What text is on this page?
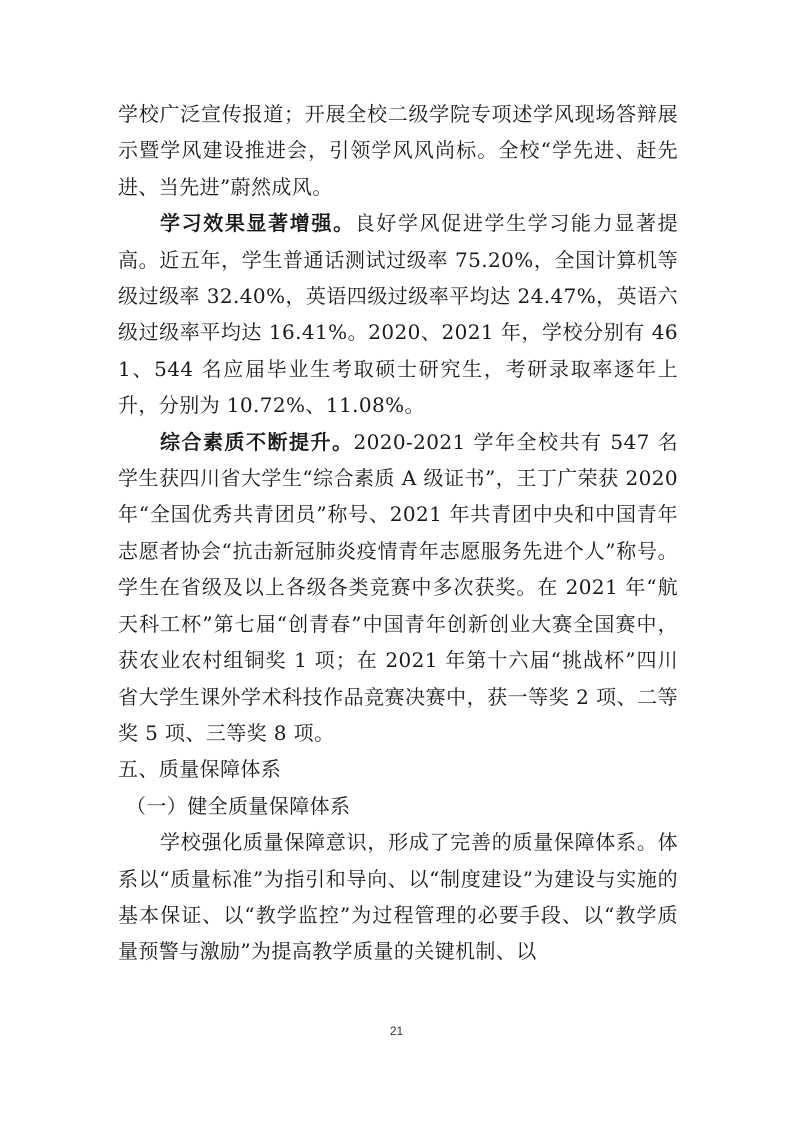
学校广泛宣传报道；开展全校二级学院专项述学风现场答辩展示暨学风建设推进会，引领学风风尚标。全校“学先进、赶先进、当先进”蔚然成风。

学习效果显著增强。良好学风促进学生学习能力显著提高。近五年，学生普通话测试过级率 75.20%，全国计算机等级过级率 32.40%，英语四级过级率平均达 24.47%，英语六级过级率平均达 16.41%。2020、2021 年，学校分别有 461、544 名应届毕业生考取硕士研究生，考研录取率逐年上升，分别为 10.72%、11.08%。

综合素质不断提升。2020-2021 学年全校共有 547 名学生获四川省大学生“综合素质 A 级证书”，王丁广荣获 2020 年“全国优秀共青团员”称号、2021 年共青团中央和中国青年志愿者协会“抗击新冠肺炎疫情青年志愿服务先进个人”称号。学生在省级及以上各级各类竞赛中多次获奖。在 2021 年“航天科工杯”第七届“创青春”中国青年创新创业大赛全国赛中，获农业农村组铜奖 1 项；在 2021 年第十六届“挑战杯”四川省大学生课外学术科技作品竞赛决赛中，获一等奖 2 项、二等奖 5 项、三等奖 8 项。

五、质量保障体系
（一）健全质量保障体系

学校强化质量保障意识，形成了完善的质量保障体系。体系以“质量标准”为指引和导向、以“制度建设”为建设与实施的基本保证、以“教学监控”为过程管理的必要手段、以“教学质量预警与激励”为提高教学质量的关键机制、以

21
